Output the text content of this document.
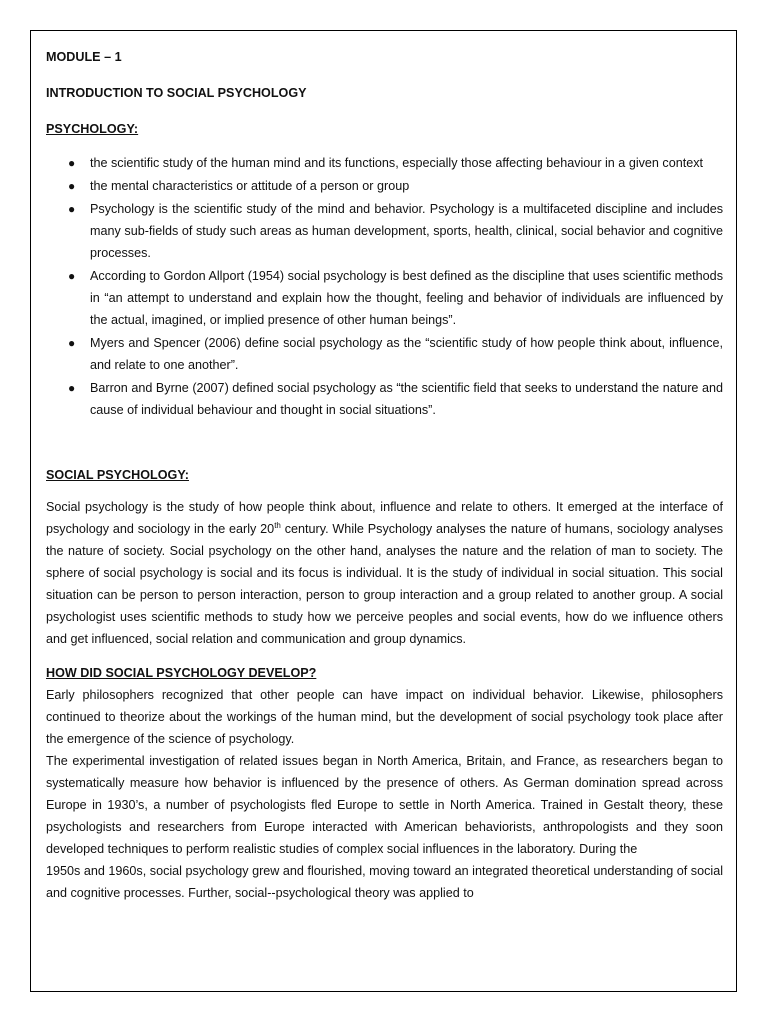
MODULE – 1

INTRODUCTION TO SOCIAL PSYCHOLOGY

PSYCHOLOGY:

● the scientific study of the human mind and its functions, especially those affecting behaviour in a given context
● the mental characteristics or attitude of a person or group
● Psychology is the scientific study of the mind and behavior. Psychology is a multifaceted discipline and includes many sub-fields of study such areas as human development, sports, health, clinical, social behavior and cognitive processes.
● According to Gordon Allport (1954) social psychology is best defined as the discipline that uses scientific methods in “an attempt to understand and explain how the thought, feeling and behavior of individuals are influenced by the actual, imagined, or implied presence of other human beings”.
● Myers and Spencer (2006) define social psychology as the “scientific study of how people think about, influence, and relate to one another”.
● Barron and Byrne (2007) defined social psychology as “the scientific field that seeks to understand the nature and cause of individual behaviour and thought in social situations”.

SOCIAL PSYCHOLOGY:

Social psychology is the study of how people think about, influence and relate to others. It emerged at the interface of psychology and sociology in the early 20th century. While Psychology analyses the nature of humans, sociology analyses the nature of society. Social psychology on the other hand, analyses the nature and the relation of man to society. The sphere of social psychology is social and its focus is individual. It is the study of individual in social situation. This social situation can be person to person interaction, person to group interaction and a group related to another group. A social psychologist uses scientific methods to study how we perceive peoples and social events, how do we influence others and get influenced, social relation and communication and group dynamics.

HOW DID SOCIAL PSYCHOLOGY DEVELOP?

Early philosophers recognized that other people can have impact on individual behavior. Likewise, philosophers continued to theorize about the workings of the human mind, but the development of social psychology took place after the emergence of the science of psychology.

The experimental investigation of related issues began in North America, Britain, and France, as researchers began to systematically measure how behavior is influenced by the presence of others. As German domination spread across Europe in 1930’s, a number of psychologists fled Europe to settle in North America. Trained in Gestalt theory, these psychologists and researchers from Europe interacted with American behaviorists, anthropologists and they soon developed techniques to perform realistic studies of complex social influences in the laboratory. During the

1950s and 1960s, social psychology grew and flourished, moving toward an integrated theoretical understanding of social and cognitive processes. Further, social--psychological theory was applied to
